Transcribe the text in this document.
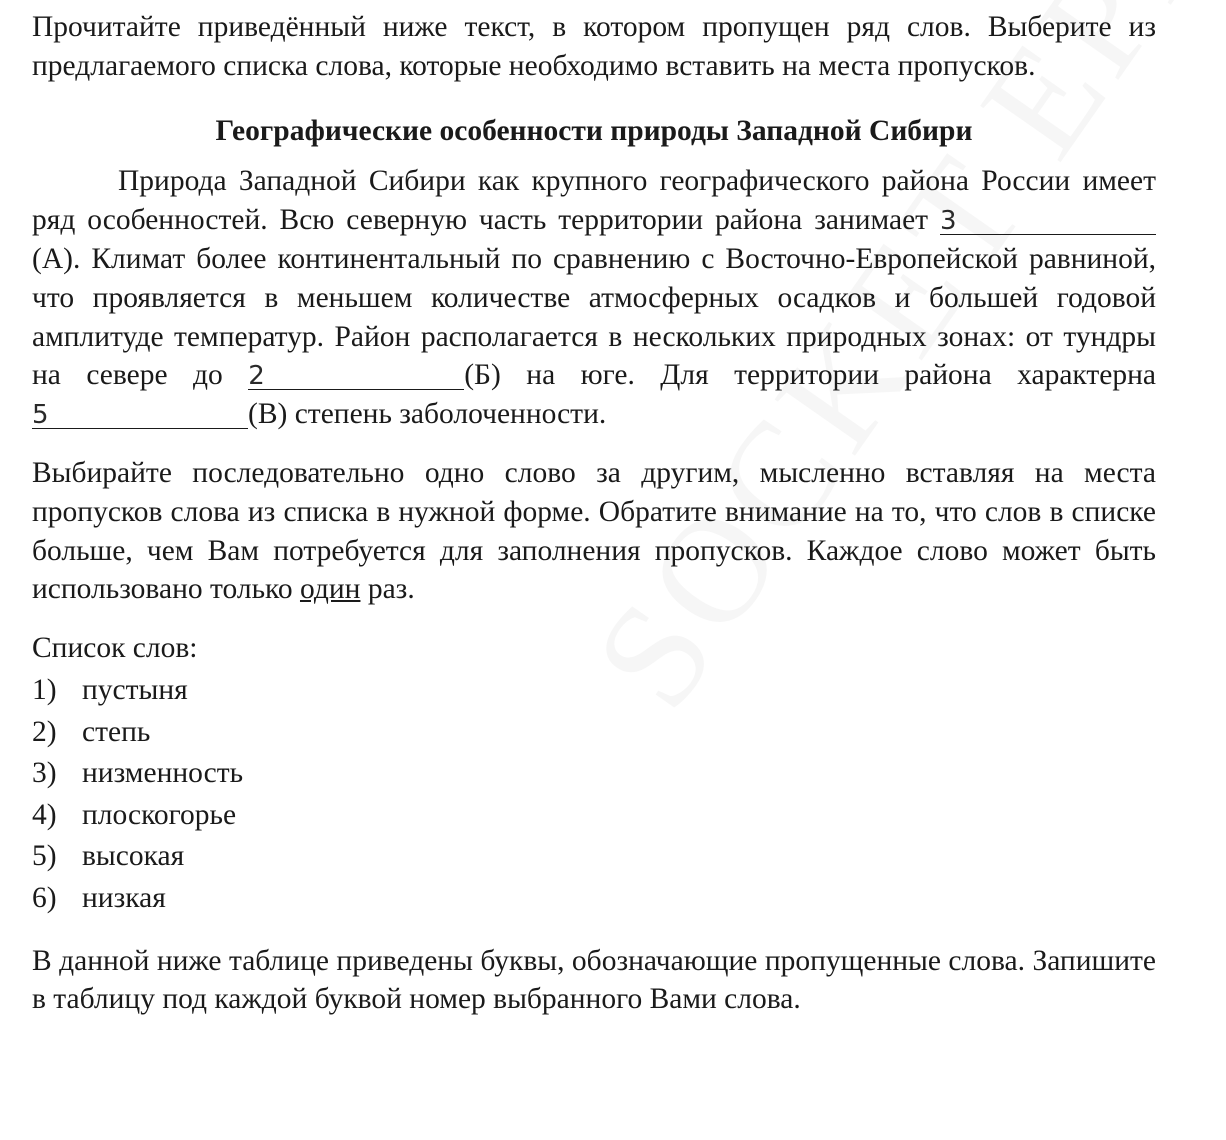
Прочитайте приведённый ниже текст, в котором пропущен ряд слов. Выберите из предлагаемого списка слова, которые необходимо вставить на места пропусков.

Географические особенности природы Западной Сибири

Природа Западной Сибири как крупного географического района России имеет ряд особенностей. Всю северную часть территории района занимает 3(А). Климат более континентальный по сравнению с Восточно-Европейской равниной, что проявляется в меньшем количестве атмосферных осадков и большей годовой амплитуде температур. Район располагается в нескольких природных зонах: от тундры на севере до 2	(Б) на юге. Для территории района характерна 5	(В) степень заболоченности.

Выбирайте последовательно одно слово за другим, мысленно вставляя на места пропусков слова из списка в нужной форме. Обратите внимание на то, что слов в списке больше, чем Вам потребуется для заполнения пропусков. Каждое слово может быть использовано только один раз.

Список слов:

1) пустыня
2) степь
3) низменность
4) плоскогорье
5) высокая
6) низкая

В данной ниже таблице приведены буквы, обозначающие пропущенные слова. Запишите в таблицу под каждой буквой номер выбранного Вами слова.
